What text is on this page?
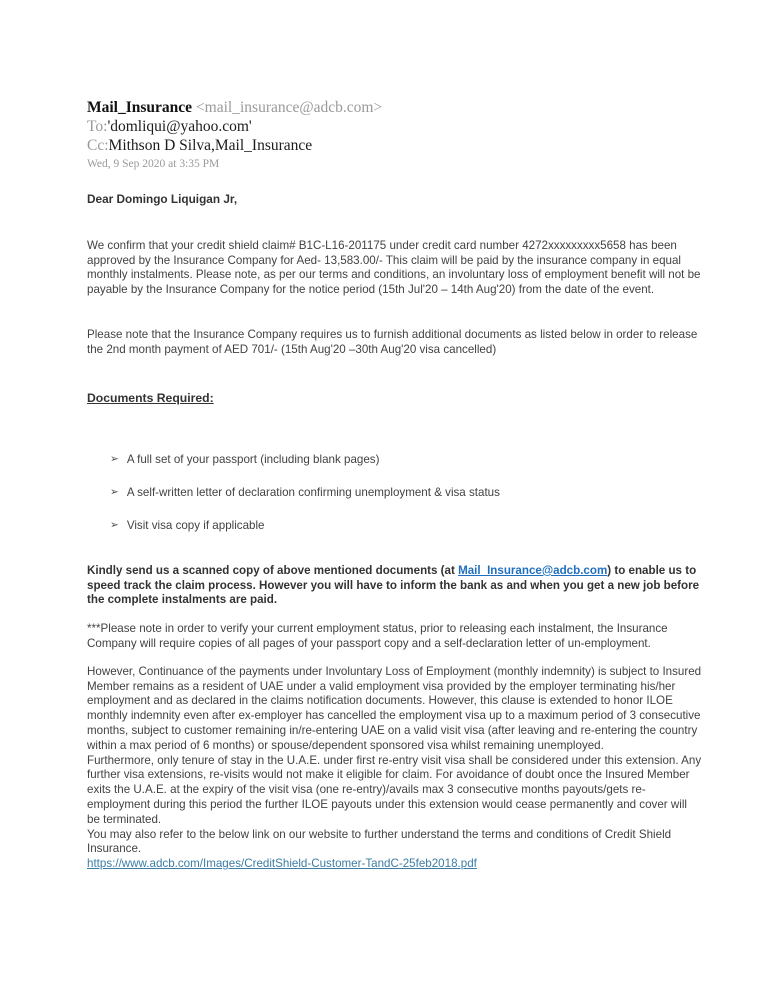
Mail_Insurance <mail_insurance@adcb.com>
To:'domliqui@yahoo.com'
Cc:Mithson D Silva,Mail_Insurance
Wed, 9 Sep 2020 at 3:35 PM
Dear Domingo Liquigan Jr,
We confirm that your credit shield claim# B1C-L16-201175 under credit card number 4272xxxxxxxxx5658 has been approved by the Insurance Company for Aed- 13,583.00/- This claim will be paid by the insurance company in equal monthly instalments. Please note, as per our terms and conditions, an involuntary loss of employment benefit will not be payable by the Insurance Company for the notice period (15th Jul'20 – 14th Aug'20) from the date of the event.
Please note that the Insurance Company requires us to furnish additional documents as listed below in order to release the 2nd month payment of AED 701/- (15th Aug'20 –30th Aug'20 visa cancelled)
Documents Required:
➢ A full set of your passport (including blank pages)
➢ A self-written letter of declaration confirming unemployment & visa status
➢ Visit visa copy if applicable
Kindly send us a scanned copy of above mentioned documents (at Mail_Insurance@adcb.com) to enable us to speed track the claim process. However you will have to inform the bank as and when you get a new job before the complete instalments are paid.
***Please note in order to verify your current employment status, prior to releasing each instalment, the Insurance Company will require copies of all pages of your passport copy and a self-declaration letter of un-employment.
However, Continuance of the payments under Involuntary Loss of Employment (monthly indemnity) is subject to Insured Member remains as a resident of UAE under a valid employment visa provided by the employer terminating his/her employment and as declared in the claims notification documents. However, this clause is extended to honor ILOE monthly indemnity even after ex-employer has cancelled the employment visa up to a maximum period of 3 consecutive months, subject to customer remaining in/re-entering UAE on a valid visit visa (after leaving and re-entering the country within a max period of 6 months) or spouse/dependent sponsored visa whilst remaining unemployed.
Furthermore, only tenure of stay in the U.A.E. under first re-entry visit visa shall be considered under this extension. Any further visa extensions, re-visits would not make it eligible for claim. For avoidance of doubt once the Insured Member exits the U.A.E. at the expiry of the visit visa (one re-entry)/avails max 3 consecutive months payouts/gets re-employment during this period the further ILOE payouts under this extension would cease permanently and cover will be terminated.
You may also refer to the below link on our website to further understand the terms and conditions of Credit Shield Insurance.
https://www.adcb.com/Images/CreditShield-Customer-TandC-25feb2018.pdf
